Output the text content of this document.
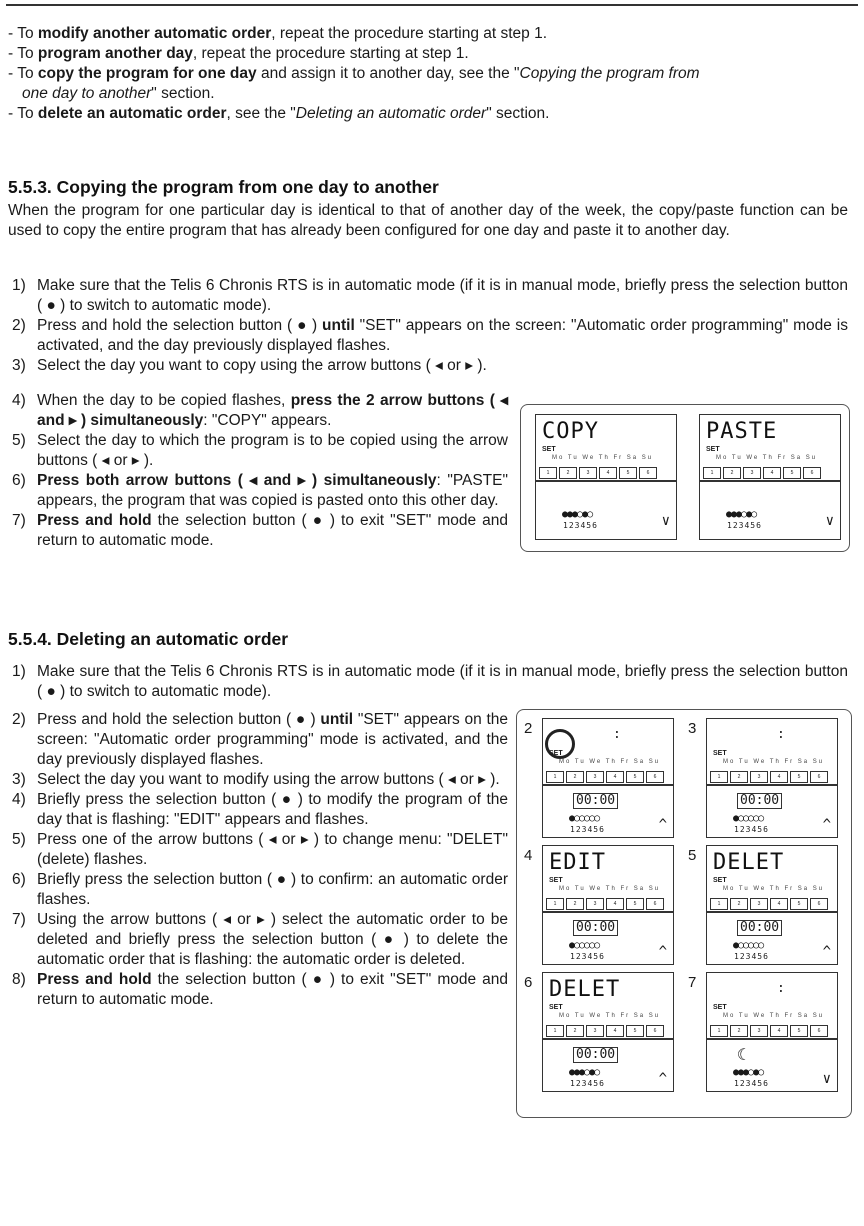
- To modify another automatic order, repeat the procedure starting at step 1.

- To program another day, repeat the procedure starting at step 1.

- To copy the program for one day and assign it to another day, see the "Copying the program from

one day to another" section.

- To delete an automatic order, see the "Deleting an automatic order" section.

5.5.3. Copying the program from one day to another

When the program for one particular day is identical to that of another day of the week, the copy/paste function can be used to copy the entire program that has already been configured for one day and paste it to another day.

1) Make sure that the Telis 6 Chronis RTS is in automatic mode (if it is in manual mode, briefly press the selection button ( ● ) to switch to automatic mode).
2) Press and hold the selection button ( ● ) until "SET" appears on the screen: "Automatic order programming" mode is activated, and the day previously displayed flashes.
3) Select the day you want to copy using the arrow buttons ( ◂ or ▸ ).
4) When the day to be copied flashes, press the 2 arrow buttons ( ◂ and ▸ ) simultaneously: "COPY" appears.
5) Select the day to which the program is to be copied using the arrow buttons ( ◂ or ▸ ).
6) Press both arrow buttons ( ◂ and ▸ ) simultaneously: "PASTE" appears, the program that was copied is pasted onto this other day.
7) Press and hold the selection button ( ● ) to exit "SET" mode and return to automatic mode.
COPY
SET
Mo Tu We Th Fr Sa Su
1	2	3	4	5	6
●●●○●○
123456	∨
PASTE
SET
Mo Tu We Th Fr Sa Su
1	2	3	4	5	6
●●●○●○
123456	∨
5.5.4. Deleting an automatic order
1) Make sure that the Telis 6 Chronis RTS is in automatic mode (if it is in manual mode, briefly press the selection button ( ● ) to switch to automatic mode).
2) Press and hold the selection button ( ● ) until "SET" appears on the screen: "Automatic order programming" mode is activated, and the day previously displayed flashes.
3) Select the day you want to modify using the arrow buttons ( ◂ or ▸ ).
4) Briefly press the selection button ( ● ) to modify the program of the day that is flashing: "EDIT" appears and flashes.
5) Press one of the arrow buttons ( ◂ or ▸ ) to change menu: "DELET" (delete) flashes.
6) Briefly press the selection button ( ● ) to confirm: an automatic order flashes.
7) Using the arrow buttons ( ◂ or ▸ ) select the automatic order to be deleted and briefly press the selection button ( ● ) to delete the automatic order that is flashing: the automatic order is deleted.
8) Press and hold the selection button ( ● ) to exit "SET" mode and return to automatic mode.
2	:
SET
Mo Tu We Th Fr Sa Su
1	2	3	4	5	6
00:00
●○○○○○
123456	^
3	:
SET
Mo Tu We Th Fr Sa Su
1	2	3	4	5	6
00:00
●○○○○○
123456	^
4 EDIT
SET
Mo Tu We Th Fr Sa Su
1	2	3	4	5	6
00:00
●○○○○○
123456	^
5 DELET
SET
Mo Tu We Th Fr Sa Su
1	2	3	4	5	6
00:00
●○○○○○
123456	^
6 DELET
SET
Mo Tu We Th Fr Sa Su
1	2	3	4	5	6
00:00
●●●○●○
123456	^
7	:
SET
Mo Tu We Th Fr Sa Su
1	2	3	4	5	6
☾
●●●○●○
123456	∨
